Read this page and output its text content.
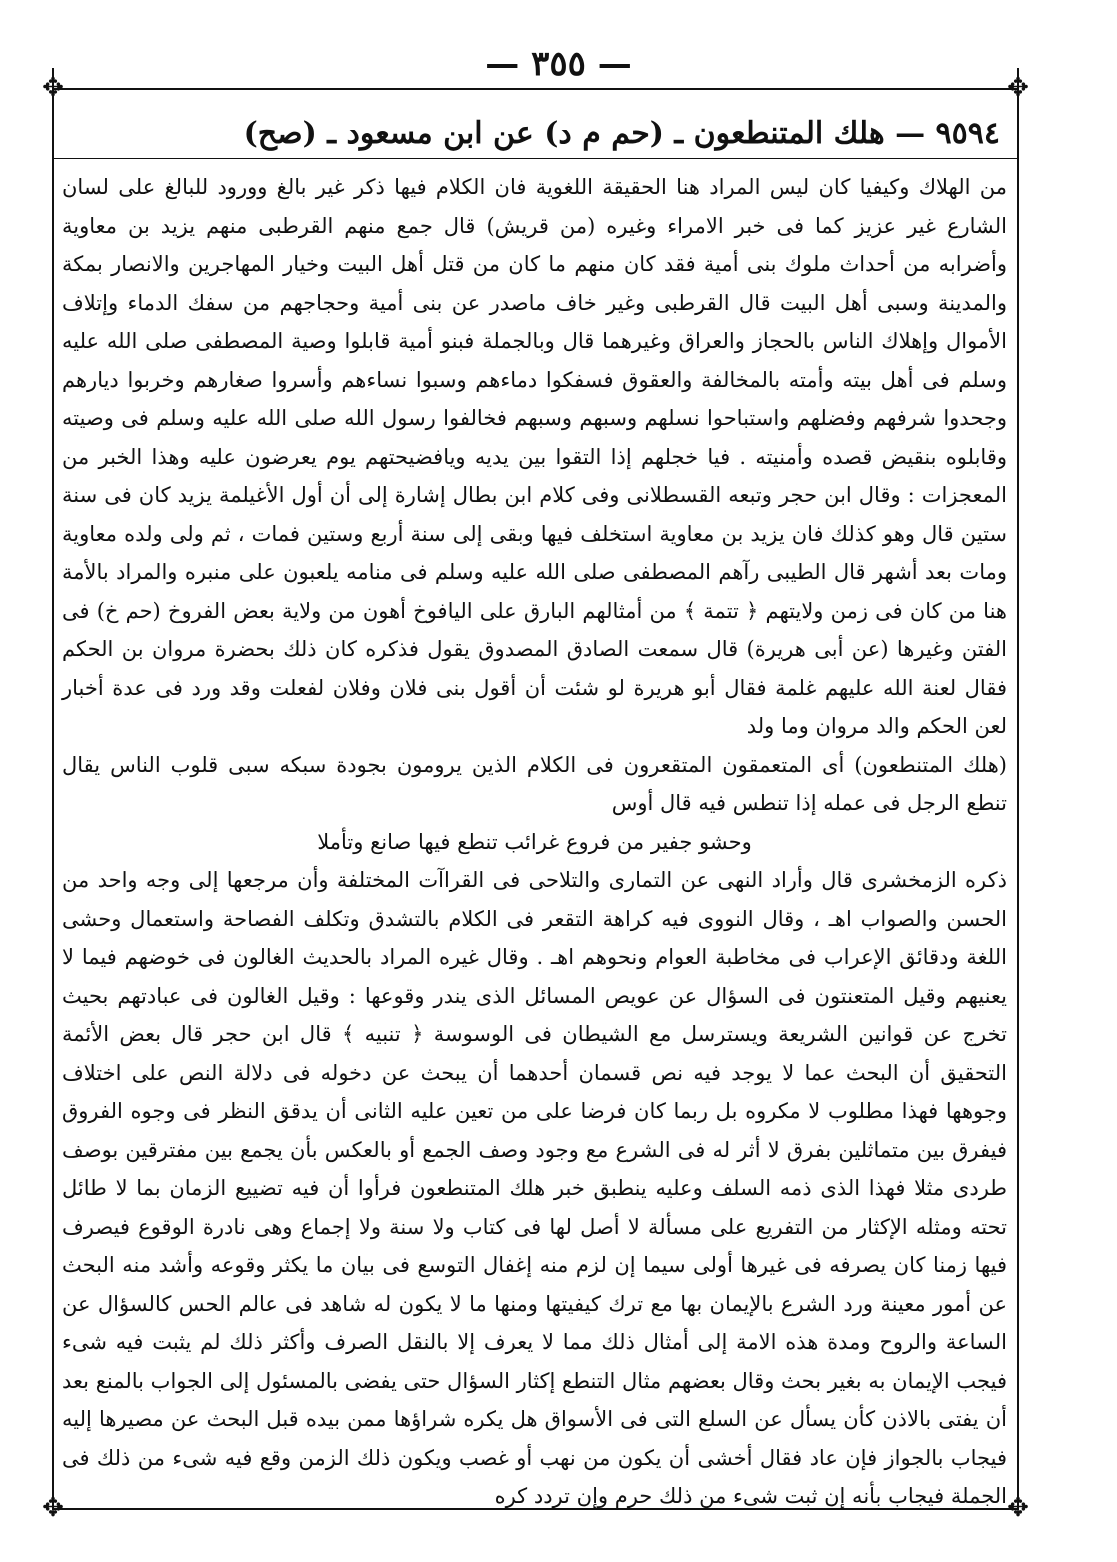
— ٣٥٥ —
✥	✥
✥	✥
٩٥٩٤ — هلك المتنطعون ـ (حم م د) عن ابن مسعود ـ (صح)

من الهلاك وكيفيا كان ليس المراد هنا الحقيقة اللغوية فان الكلام فيها ذكر غير بالغ وورود للبالغ على لسان الشارع غير عزيز كما فى خبر الامراء وغيره (من قريش) قال جمع منهم القرطبى منهم يزيد بن معاوية وأضرابه من أحداث ملوك بنى أمية فقد كان منهم ما كان من قتل أهل البيت وخيار المهاجرين والانصار بمكة والمدينة وسبى أهل البيت قال القرطبى وغير خاف ماصدر عن بنى أمية وحجاجهم من سفك الدماء وإتلاف الأموال وإهلاك الناس بالحجاز والعراق وغيرهما قال وبالجملة فبنو أمية قابلوا وصية المصطفى صلى الله عليه وسلم فى أهل بيته وأمته بالمخالفة والعقوق فسفكوا دماءهم وسبوا نساءهم وأسروا صغارهم وخربوا ديارهم وجحدوا شرفهم وفضلهم واستباحوا نسلهم وسبهم وسبهم فخالفوا رسول الله صلى الله عليه وسلم فى وصيته وقابلوه بنقيض قصده وأمنيته . فيا خجلهم إذا التقوا بين يديه ويافضيحتهم يوم يعرضون عليه وهذا الخبر من المعجزات : وقال ابن حجر وتبعه القسطلانى وفى كلام ابن بطال إشارة إلى أن أول الأغيلمة يزيد كان فى سنة ستين قال وهو كذلك فان يزيد بن معاوية استخلف فيها وبقى إلى سنة أربع وستين فمات ، ثم ولى ولده معاوية ومات بعد أشهر قال الطيبى رآهم المصطفى صلى الله عليه وسلم فى منامه يلعبون على منبره والمراد بالأمة هنا من كان فى زمن ولايتهم ﴿ تتمة ﴾ من أمثالهم البارق على اليافوخ أهون من ولاية بعض الفروخ (حم خ) فى الفتن وغيرها (عن أبى هريرة) قال سمعت الصادق المصدوق يقول فذكره كان ذلك بحضرة مروان بن الحكم فقال لعنة الله عليهم غلمة فقال أبو هريرة لو شئت أن أقول بنى فلان وفلان لفعلت وقد ورد فى عدة أخبار لعن الحكم والد مروان وما ولد

(هلك المتنطعون) أى المتعمقون المتقعرون فى الكلام الذين يرومون بجودة سبكه سبى قلوب الناس يقال تنطع الرجل فى عمله إذا تنطس فيه قال أوس

وحشو جفير من فروع غرائب تنطع فيها صانع وتأملا

ذكره الزمخشرى قال وأراد النهى عن التمارى والتلاحى فى القراآت المختلفة وأن مرجعها إلى وجه واحد من الحسن والصواب اهـ ، وقال النووى فيه كراهة التقعر فى الكلام بالتشدق وتكلف الفصاحة واستعمال وحشى اللغة ودقائق الإعراب فى مخاطبة العوام ونحوهم اهـ . وقال غيره المراد بالحديث الغالون فى خوضهم فيما لا يعنيهم وقيل المتعنتون فى السؤال عن عويص المسائل الذى يندر وقوعها : وقيل الغالون فى عبادتهم بحيث تخرج عن قوانين الشريعة ويسترسل مع الشيطان فى الوسوسة ﴿ تنبيه ﴾ قال ابن حجر قال بعض الأئمة التحقيق أن البحث عما لا يوجد فيه نص قسمان أحدهما أن يبحث عن دخوله فى دلالة النص على اختلاف وجوهها فهذا مطلوب لا مكروه بل ربما كان فرضا على من تعين عليه الثانى أن يدقق النظر فى وجوه الفروق فيفرق بين متماثلين بفرق لا أثر له فى الشرع مع وجود وصف الجمع أو بالعكس بأن يجمع بين مفترقين بوصف طردى مثلا فهذا الذى ذمه السلف وعليه ينطبق خبر هلك المتنطعون فرأوا أن فيه تضييع الزمان بما لا طائل تحته ومثله الإكثار من التفريع على مسألة لا أصل لها فى كتاب ولا سنة ولا إجماع وهى نادرة الوقوع فيصرف فيها زمنا كان يصرفه فى غيرها أولى سيما إن لزم منه إغفال التوسع فى بيان ما يكثر وقوعه وأشد منه البحث عن أمور معينة ورد الشرع بالإيمان بها مع ترك كيفيتها ومنها ما لا يكون له شاهد فى عالم الحس كالسؤال عن الساعة والروح ومدة هذه الامة إلى أمثال ذلك مما لا يعرف إلا بالنقل الصرف وأكثر ذلك لم يثبت فيه شىء فيجب الإيمان به بغير بحث وقال بعضهم مثال التنطع إكثار السؤال حتى يفضى بالمسئول إلى الجواب بالمنع بعد أن يفتى بالاذن كأن يسأل عن السلع التى فى الأسواق هل يكره شراؤها ممن بيده قبل البحث عن مصيرها إليه فيجاب بالجواز فإن عاد فقال أخشى أن يكون من نهب أو غصب ويكون ذلك الزمن وقع فيه شىء من ذلك فى الجملة فيجاب بأنه إن ثبت شىء من ذلك حرم وإن تردد كره
